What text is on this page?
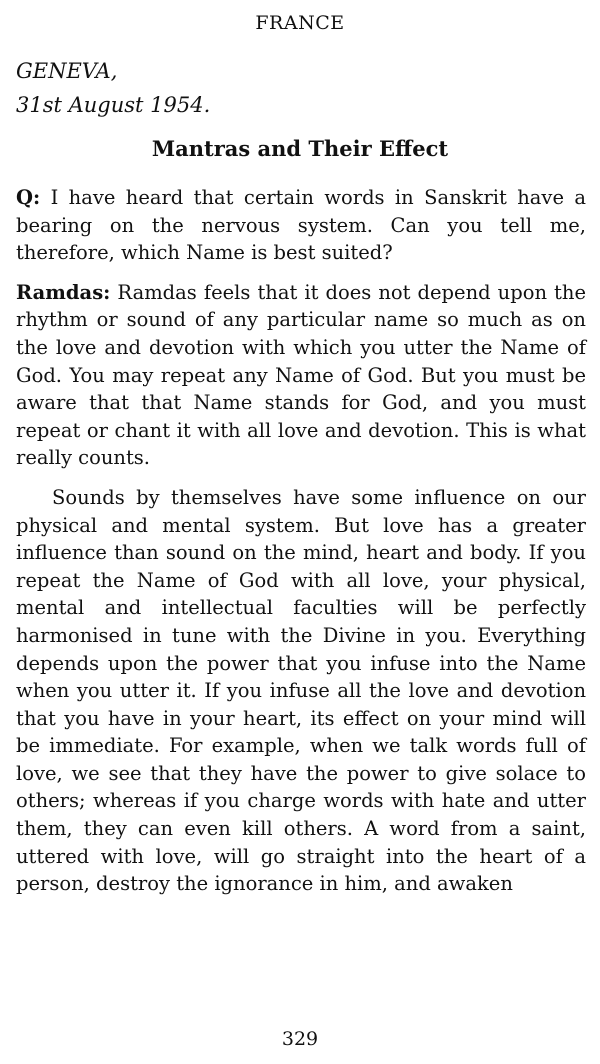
FRANCE
GENEVA,
31st August 1954.
Mantras and Their Effect

Q: I have heard that certain words in Sanskrit have a bearing on the nervous system. Can you tell me, therefore, which Name is best suited?

Ramdas: Ramdas feels that it does not depend upon the rhythm or sound of any particular name so much as on the love and devotion with which you utter the Name of God. You may repeat any Name of God. But you must be aware that that Name stands for God, and you must repeat or chant it with all love and devotion. This is what really counts.

Sounds by themselves have some influence on our physical and mental system. But love has a greater influence than sound on the mind, heart and body. If you repeat the Name of God with all love, your physical, mental and intellectual faculties will be perfectly harmonised in tune with the Divine in you. Everything depends upon the power that you infuse into the Name when you utter it. If you infuse all the love and devotion that you have in your heart, its effect on your mind will be immediate. For example, when we talk words full of love, we see that they have the power to give solace to others; whereas if you charge words with hate and utter them, they can even kill others. A word from a saint, uttered with love, will go straight into the heart of a person, destroy the ignorance in him, and awaken

329
